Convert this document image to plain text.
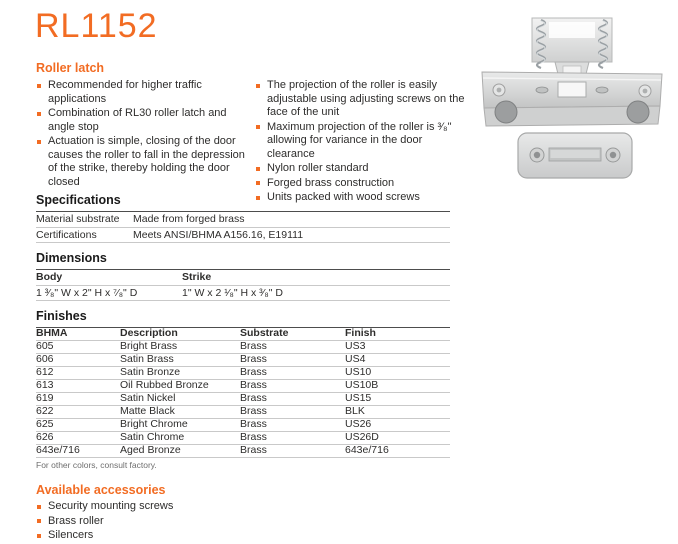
RL1152
Roller latch
Recommended for higher traffic applications
Combination of RL30 roller latch and angle stop
Actuation is simple, closing of the door causes the roller to fall in the depression of the strike, thereby holding the door closed
The projection of the roller is easily adjustable using adjusting screws on the face of the unit
Maximum projection of the roller is ³⁄₈" allowing for variance in the door clearance
Nylon roller standard
Forged brass construction
Units packed with wood screws
Specifications
Material substrate	Made from forged brass
Certifications	Meets ANSI/BHMA A156.16, E19111
Dimensions
Body	Strike
1 ³⁄₈" W x 2" H x ⁷⁄₈" D	1" W x 2 ¹⁄₈" H x ³⁄₈" D
Finishes
BHMA	Description	Substrate	Finish
605	Bright Brass	Brass	US3
606	Satin Brass	Brass	US4
612	Satin Bronze	Brass	US10
613	Oil Rubbed Bronze	Brass	US10B
619	Satin Nickel	Brass	US15
622	Matte Black	Brass	BLK
625	Bright Chrome	Brass	US26
626	Satin Chrome	Brass	US26D
643e/716	Aged Bronze	Brass	643e/716
For other colors, consult factory.
Available accessories
Security mounting screws
Brass roller
Silencers
